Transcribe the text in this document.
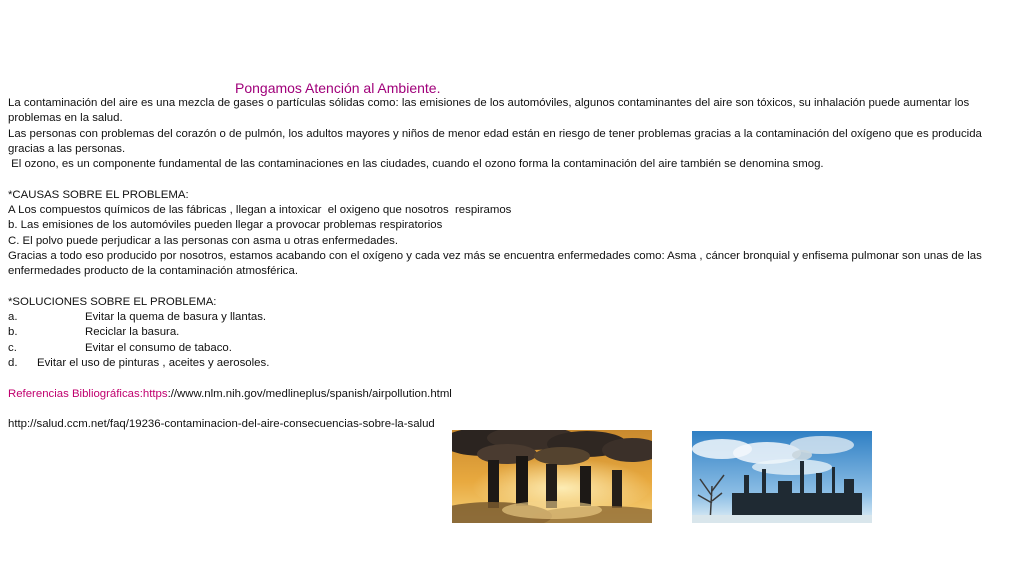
Pongamos Atención al Ambiente.

La contaminación del aire es una mezcla de gases o partículas sólidas como: las emisiones de los automóviles, algunos contaminantes del aire son tóxicos, su inhalación puede aumentar los problemas en la salud.

Las personas con problemas del corazón o de pulmón, los adultos mayores y niños de menor edad están en riesgo de tener problemas gracias a la contaminación del oxígeno que es producida gracias a las personas.

El ozono, es un componente fundamental de las contaminaciones en las ciudades, cuando el ozono forma la contaminación del aire también se denomina smog.

*CAUSAS SOBRE EL PROBLEMA:

A Los compuestos químicos de las fábricas , llegan a intoxicar  el oxigeno que nosotros  respiramos

b. Las emisiones de los automóviles pueden llegar a provocar problemas respiratorios

C. El polvo puede perjudicar a las personas con asma u otras enfermedades.

Gracias a todo eso producido por nosotros, estamos acabando con el oxígeno y cada vez más se encuentra enfermedades como: Asma , cáncer bronquial y enfisema pulmonar son unas de las enfermedades producto de la contaminación atmosférica.

*SOLUCIONES SOBRE EL PROBLEMA:

a.	Evitar la quema de basura y llantas.
b.	Reciclar la basura.
c.	Evitar el consumo de tabaco.
d.	Evitar el uso de pinturas , aceites y aerosoles.

Referencias Bibliográficas:https://www.nlm.nih.gov/medlineplus/spanish/airpollution.html

http://salud.ccm.net/faq/19236-contaminacion-del-aire-consecuencias-sobre-la-salud
